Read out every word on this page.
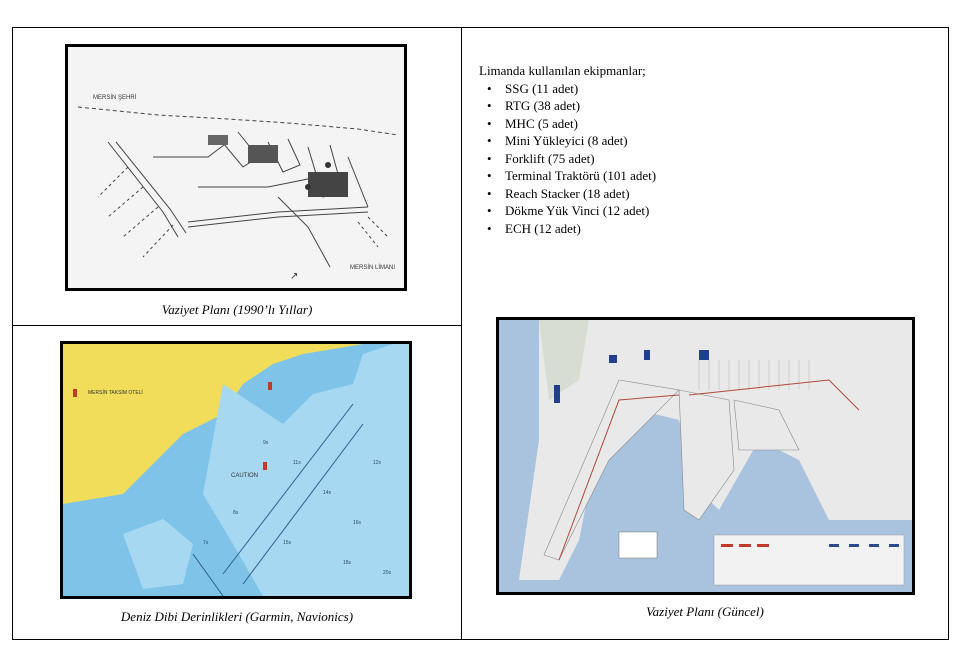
MERSİN ŞEHRİ
MERSİN LİMANI
↗
Vaziyet Planı (1990’lı Yıllar)
9s
11s
14s
16s
12s
8s
7s	15s
18s
20s
MERSİN TAKSİM OTELİ
CAUTION
Deniz Dibi Derinlikleri (Garmin, Navionics)
Limanda kullanılan ekipmanlar;
• SSG (11 adet)
• RTG (38 adet)
• MHC (5 adet)
• Mini Yükleyici (8 adet)
• Forklift (75 adet)
• Terminal Traktörü (101 adet)
• Reach Stacker (18 adet)
• Dökme Yük Vinci (12 adet)
• ECH (12 adet)
Vaziyet Planı (Güncel)
